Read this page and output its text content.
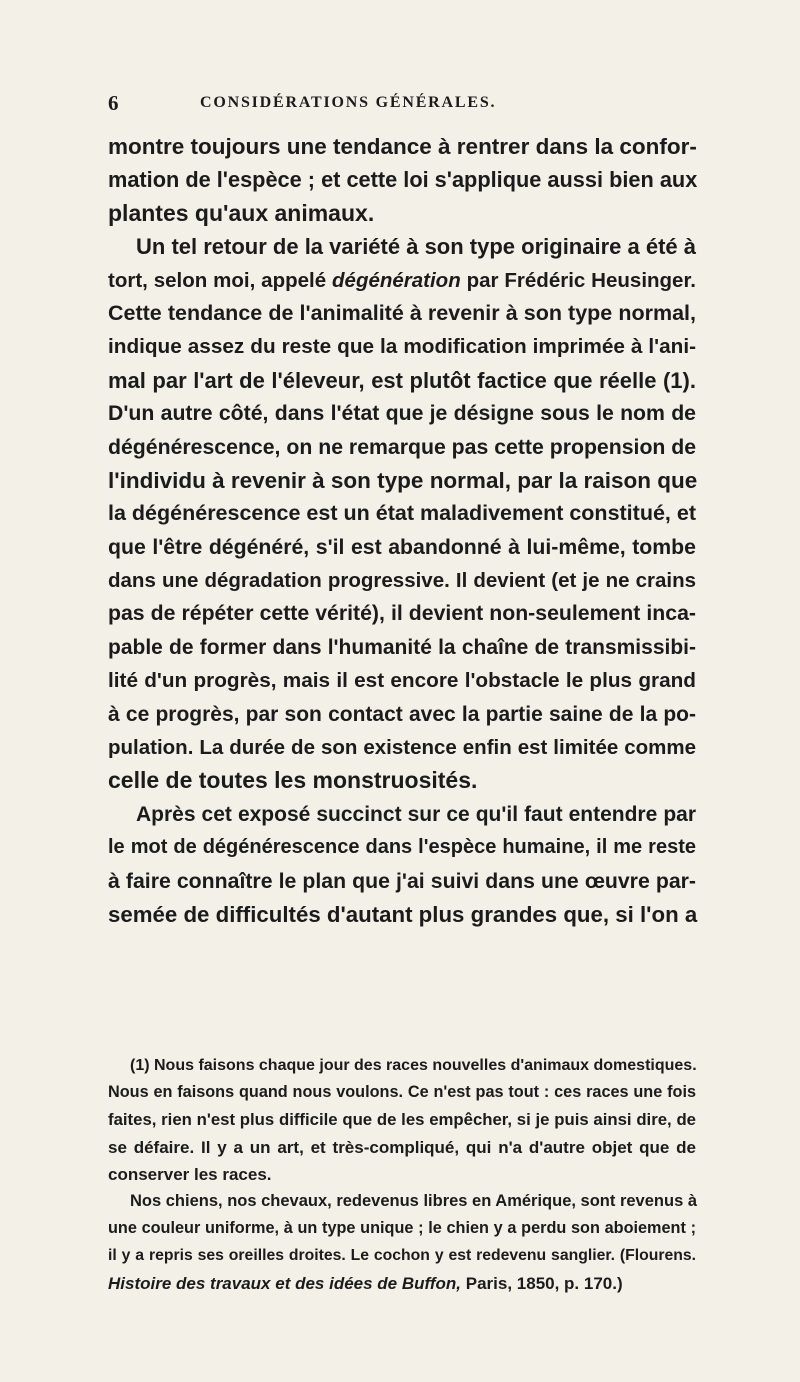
6	CONSIDÉRATIONS GÉNÉRALES.
montre toujours une tendance à rentrer dans la confor-
mation de l'espèce ; et cette loi s'applique aussi bien aux
plantes qu'aux animaux.
Un tel retour de la variété à son type originaire a été à
tort, selon moi, appelé dégénération par Frédéric Heusinger.
Cette tendance de l'animalité à revenir à son type normal,
indique assez du reste que la modification imprimée à l'ani-
mal par l'art de l'éleveur, est plutôt factice que réelle (1).
D'un autre côté, dans l'état que je désigne sous le nom de
dégénérescence, on ne remarque pas cette propension de
l'individu à revenir à son type normal, par la raison que
la dégénérescence est un état maladivement constitué, et
que l'être dégénéré, s'il est abandonné à lui-même, tombe
dans une dégradation progressive. Il devient (et je ne crains
pas de répéter cette vérité), il devient non-seulement inca-
pable de former dans l'humanité la chaîne de transmissibi-
lité d'un progrès, mais il est encore l'obstacle le plus grand
à ce progrès, par son contact avec la partie saine de la po-
pulation. La durée de son existence enfin est limitée comme
celle de toutes les monstruosités.
Après cet exposé succinct sur ce qu'il faut entendre par
le mot de dégénérescence dans l'espèce humaine, il me reste
à faire connaître le plan que j'ai suivi dans une œuvre par-
semée de difficultés d'autant plus grandes que, si l'on a
(1) Nous faisons chaque jour des races nouvelles d'animaux domestiques.
Nous en faisons quand nous voulons. Ce n'est pas tout : ces races une fois
faites, rien n'est plus difficile que de les empêcher, si je puis ainsi dire, de
se défaire. Il y a un art, et très-compliqué, qui n'a d'autre objet que de
conserver les races.
Nos chiens, nos chevaux, redevenus libres en Amérique, sont revenus à
une couleur uniforme, à un type unique ; le chien y a perdu son aboiement ;
il y a repris ses oreilles droites. Le cochon y est redevenu sanglier. (Flourens.
Histoire des travaux et des idées de Buffon, Paris, 1850, p. 170.)
